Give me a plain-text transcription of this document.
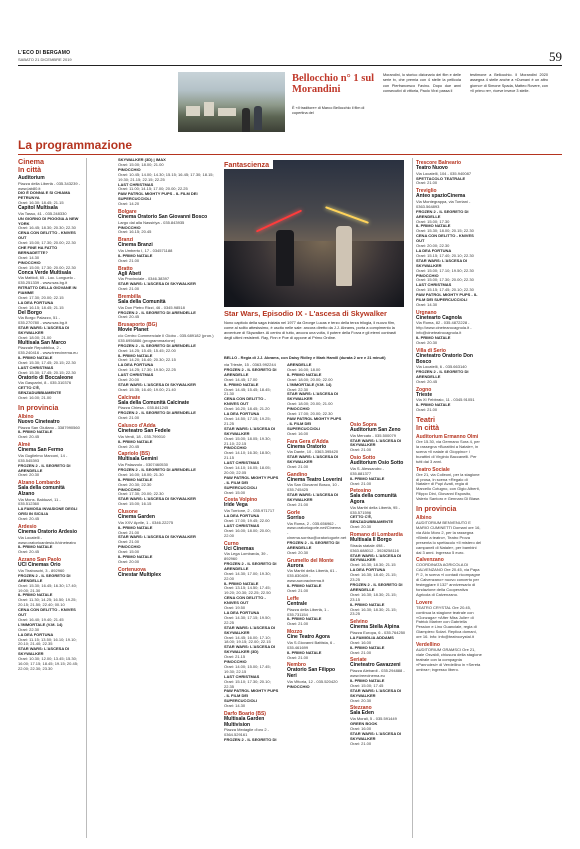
L'ECO DI BERGAMO
SABATO 21 DICEMBRE 2019	59
Bellocchio n° 1 sul Morandini
È «Il traditore» di Marco Bellocchio il film di copertina del
Morandini, lo storico dizionario dei film e delle serie tv, che premia con 4 stelle la pellicola con Pierfrancesco Favino. Dopo due anni consecutivi di vittoria, Paolo Virzì passa il
testimone a Bellocchio. Il Morandini 2020 assegna 4 stelle anche a «Dumanì è un altro giorno» di Simone Spada, Matteo Rovere, con «Il primo re», riceve invece 3 stelle.
La programmazione
Cinema
In città
Auditorium
Piazza della Libertà - 035.343239 - www.lab80.it
DIO È DONNA E SI CHIAMA PETRUNYA
Orari: 16.30; 18.45; 21.15
Capitol Multisala
Via Tasso, 41 - 035.248330
UN GIORNO DI PIOGGIA A NEW YORK
Orari: 16.45; 18.30; 20.30; 22.30
CENA CON DELITTO - KNIVES OUT
Orari: 15.00; 17.30; 20.00; 22.30
CHE FINE HA FATTO BERNADETTE?
Orari: 14.30
PINOCCHIO
Orari: 15.00; 17.30; 20.00; 22.30
Conca Verde Multisala
Via Mattioli, 65 - Loc. Longuelo - 035.251339 - www.sas.bg.it
RITRATTO DELLA GIOVANE IN FIAMME
Orari: 17.30; 20.00; 22.15
LA DEA FORTUNA
Orari: 16.15; 18.45; 21.15
Del Borgo
Via Borgo Palazzo, 51 - 035.270780 - www.sas.bg.it
STAR WARS: L'ASCESA DI SKYWALKER
Orari: 18.00; 21.00
Multisala San Marco
Piazzale Repubblica, 2 - 035.240416 - www.treecinema.eu
IL PRIMO NATALE
Orari: 15.30; 17.45; 20.15; 22.30
LAST CHRISTMAS
Orari: 15.30; 17.45; 20.15; 22.30
Oratorio di Boccaleone
Via Gasparini, 8 - 035.310376
CETTO C'È, SENZADUBBIAMENTE
Orari: 16.00; 21.00
In provincia
Albino
Nuovo Cineteatro
Piazza San Giuliano - 3387990560
IL PRIMO NATALE
Orari: 20.45
Almè
Cinema San Fermo
Via Guglielmo Marconi, 14 - 035.545393
FROZEN 2 - IL SEGRETO DI ARENDELLE
Orari: 20.30
Alzano Lombardo
Sala della comunità Alzano
Via Mons. Balduzzi, 11 - 035.512360
LA FAMOSA INVASIONE DEGLI ORSI IN SICILIA
Orari: 20.45
Ardesio
Cinema Oratorio Ardesio
Via Locatelli - www.oratorioardesio.it/cineteatro
IL PRIMO NATALE
Orari: 20.45
Azzano San Paolo
UCI Cinemas Orio
Via Tiraboschi, 3 - 892960
FROZEN 2 - IL SEGRETO DI ARENDELLE
Orari: 15.30; 16.45; 16.30; 17.40; 19.00; 21.30
IL PRIMO NATALE
Orari: 11.30; 14.25; 16.50; 19.25; 20.15; 21.50; 22.40; 00.10
CENA CON DELITTO - KNIVES OUT
Orari: 16.40; 19.40; 21.45
L'IMMORTALE (V.M. 14)
Orari: 22.30
LA DEA FORTUNA
Orari: 11.15; 13.50; 16.10; 19.10; 20.10; 21.40; 22.35
STAR WARS: L'ASCESA DI SKYWALKER
Orari: 10.30; 12.00; 13.45; 15.30; 16.00; 17.15; 18.45; 19.15; 20.45; 22.00; 22.30; 23.30
SKYWALKER (3D) | IMAX
Orari: 15.00; 18.00; 21.00
PINOCCHIO
Orari: 10.45; 14.00; 14.30; 15.15; 16.45; 17.30; 18.15; 19.30; 21.15; 22.15; 22.25
LAST CHRISTMAS
Orari: 11.00; 14.15; 17.00; 20.00; 22.25
PAW PATROL MIGHTY PUPS - IL FILM DEI SUPERCUCCIOLI
Orari: 14.20
Bolgare
Cinema Oratorio San Giovanni Bosco
Largo dal alla Nassiriya - 035.843935
PINOCCHIO
Orari: 16.15; 20.45
Branzi
Cinema Branzi
Via Umberto I, 17 - 034571188
IL PRIMO NATALE
Orari: 21.00
Bratto
Agli Abeti
Via Provinciale - 0346.38397
STAR WARS: L'ASCESA DI SKYWALKER
Orari: 21.00
Brembilla
Sala della Comunità
Via Don Pietro Rizzi, 46 - 0345.98518
FROZEN 2 - IL SEGRETO DI ARENDELLE
Orari: 20.45
Brusaporto (BG)
Movie Planet
c/o Centro Commerciale Il Globo - 035.689182 (pron.) 035.6956886 (programmazione)
FROZEN 2 - IL SEGRETO DI ARENDELLE
Orari: 14.25; 15.45; 15.45; 22.00
IL PRIMO NATALE
Orari: 14.20; 16.40; 20.30; 22.15
LA DEA FORTUNA
Orari: 14.25; 17.30; 19.50; 22.25
LAST CHRISTMAS
Orari: 20.00
STAR WARS: L'ASCESA DI SKYWALKER
Orari: 15.35; 16.40; 19.00; 21.40
Calcinate
Sala della Comunità Calcinate
Piazza Chiesa - 035.841245
FROZEN 2 - IL SEGRETO DI ARENDELLE
Orari: 21.00
Calusco d'Adda
Cineteatro San Fedele
Via Verdi, 18 - 035.799010
IL PRIMO NATALE
Orari: 20.45
Capriolo (BS)
Multisala Gemini
Via Palazzolo - 0307460530
FROZEN 2 - IL SEGRETO DI ARENDELLE
Orari: 16.00; 18.00; 21.30
IL PRIMO NATALE
Orari: 20.30; 22.30
PINOCCHIO
Orari: 17.30; 20.00; 22.30
STAR WARS: L'ASCESA DI SKYWALKER
Orari: 15.00; 16.15
Clusone
Cinema Garden
Via XXV Aprile, 1 - 0346.22275
IL PRIMO NATALE
Orari: 21.00
STAR WARS: L'ASCESA DI SKYWALKER
Orari: 21.00
PINOCCHIO
Orari: 15.00
IL PRIMO NATALE
Orari: 20.00
Cortenuova
Cinestar Multiplex
Fantascienza
Star Wars, Episodio IX - L'ascesa di Skywalker
Nono capitolo della saga iniziata nel 1977 da George Lucas e terzo della terza trilogia, il nuovo film, come al solito attesissimo, è uscito nelle sale: ancora diretto da J.J. Abrams, porta a compimento la avventure di Skywalker. Al centro di tutto, ancora una volta, il potere della Forza e gli eterni contrasti degli ultimi resistenti. Ray, Finn e Poe di oppone al Primo Ordine.
BELLO - Regia di J.J. Abrams, con Daisy Ridley e Mark Hamill (durata 2 ore e 21 minuti)
via Trieste, 15 - 0363.992244
FROZEN 2 - IL SEGRETO DI ARENDELLE
Orari: 14.45; 17.00
IL PRIMO NATALE
Orari: 14.45; 15.45; 18.45; 21.30
CENA CON DELITTO - KNIVES OUT
Orari: 16.20; 18.45; 21.20
LA DEA FORTUNA
Orari: 14.50; 17.15; 19.25; 21.25
STAR WARS: L'ASCESA DI SKYWALKER
Orari: 15.00; 18.05; 19.30; 21.10; 22.15
PINOCCHIO
Orari: 14.10; 16.30; 18.50; 21.15
LAST CHRISTMAS
Orari: 14.10; 16.05; 18.05; 20.00; 22.05
PAW PATROL MIGHTY PUPS - IL FILM DEI SUPERCUCCIOLI
Orari: 15.00
Costa Volpino
Iride Vega
Via Torrione, 2 - 035.971717
LA DEA FORTUNA
Orari: 17.00; 19.45; 22.00
LAST CHRISTMAS
Orari: 16.00; 18.00; 20.00; 22.00
Curno
Uci Cinemas
Via Lega Lombarda, 39 - 892960
FROZEN 2 - IL SEGRETO DI ARENDELLE
Orari: 14.30; 17.00; 19.30; 22.00
IL PRIMO NATALE
Orari: 13.15; 14.50; 17.45; 19.20; 20.30; 22.25; 22.50
CENA CON DELITTO - KNIVES OUT
Orari: 19.50
LA DEA FORTUNA
Orari: 14.30; 17.15; 19.50; 22.25
STAR WARS: L'ASCESA DI SKYWALKER
Orari: 14.45; 16.00; 17.10; 18.00; 19.15; 22.00; 22.15
STAR WARS: L'ASCESA DI SKYWALKER (3D)
Orari: 21.15
PINOCCHIO
Orari: 14.00; 15.00; 17.45; 19.30; 22.15
LAST CHRISTMAS
Orari: 15.10; 17.30; 20.10; 22.35
PAW PATROL MIGHTY PUPS - IL FILM DEI SUPERCUCCIOLI
Orari: 14.30
Darfo Boario (BS)
Multisala Garden Multivision
Piazza Medaglie d'oro 2 - 0364.529161
FROZEN 2 - IL SEGRETO DI
ARENDELLE
Orari: 16.00; 18.00
IL PRIMO NATALE
Orari: 18.00; 20.00; 22.00
L'IMMORTALE (V.M. 14)
Orari: 22.30
STAR WARS: L'ASCESA DI SKYWALKER
Orari: 18.00; 20.00; 21.00
PINOCCHIO
Orari: 17.00; 20.00; 22.30
PAW PATROL MIGHTY PUPS - IL FILM DEI SUPERCUCCIOLI
Orari: 16.00
Fara Gera d'Adda
Cinema Oratorio
Via Dante, 10 - 0363.395420
STAR WARS: L'ASCESA DI SKYWALKER
Orari: 21.00
Gandino
Cinema Teatro Loverini
Via San Giovanni Bosco, 10 - 035.745425
STAR WARS: L'ASCESA DI SKYWALKER
Orari: 21.00
Gorle
Sorriso
Via Roma, 2 - 035.656962 - www.oratoriogorle.net/Cinema - cinema.sorriso@oratoriogorle.net
FROZEN 2 - IL SEGRETO DI ARENDELLE
Orari: 20.30
Grumello del Monte
Aurora
Via Martiri della Libertà, 61 - 035.830409 - www.auroracinema.it
IL PRIMO NATALE
Orari: 21.00
Leffe
Centrale
Piazza della Libertà, 1 - 035.731154
IL PRIMO NATALE
Orari: 21.00
Mozzo
Cine Teatro Agora
Via S.Giovanni Battista, 6 - 035.461699
IL PRIMO NATALE
Orari: 21.00
Nembro
Oratorio San Filippo Neri
Via Vittoria, 12 - 035.520420
PINOCCHIO
Osio Sopra
Auditorium San Zeno
Via Mercato - 035.500079
STAR WARS: L'ASCESA DI SKYWALKER
Orari: 21.00
Osio Sotto
Auditorium Osio Sotto
Via S. Alessandro - 035.881377
IL PRIMO NATALE
Orari: 21.00
Petosino
Sala della comunità Agora
Via Martiri della Libertà, 95 - 035.571596
CETTO C'È, SENZADUBBIAMENTE
Orari: 20.30
Romano di Lombardia
Multisala Il Borgo
Strada statale 498 - 0363.688012 - 3928258116
STAR WARS: L'ASCESA DI SKYWALKER
Orari: 16.30; 18.30; 21.15
LA DEA FORTUNA
Orari: 16.30; 18.40; 21.15; 23.25
FROZEN 2 - IL SEGRETO DI ARENDELLE
Orari: 16.30; 18.30; 21.15; 23.15
IL PRIMO NATALE
Orari: 16.30; 18.30; 21.15; 23.25
Selvino
Cinema Stella Alpina
Piazza Europa, 6 - 035.764250
LA FAMIGLIA ADDAMS
Orari: 16.00
IL PRIMO NATALE
Orari: 21.00
Seriate
Cineteatro Gavazzeni
Piazza Alebardi - 035.294888 - www.treecinema.eu
IL PRIMO NATALE
Orari: 15.00; 17.45
STAR WARS: L'ASCESA DI SKYWALKER
Orari: 20.30
Stezzano
Sala Eden
Via Morali, 5 - 035.591449
GREEN BOOK
Orari: 16.00
STAR WARS: L'ASCESA DI SKYWALKER
Orari: 21.00
Trescore Balneario
Teatro Nuovo
Via Locatelli, 104 - 035.940087
SPETTACOLO TEATRALE
Orari: 21.00
Treviglio
Anteo spazioCinema
Via Montegrappa, via Torriani - 0363.564893
FROZEN 2 - IL SEGRETO DI ARENDELLE
Orari: 15.00; 17.30
IL PRIMO NATALE
Orari: 15.30; 18.00; 20.15; 22.30
CENA CON DELITTO - KNIVES OUT
Orari: 20.00; 22.30
LA DEA FORTUNA
Orari: 15.15; 17.40; 20.10; 22.30
STAR WARS: L'ASCESA DI SKYWALKER
Orari: 15.00; 17.10; 19.50; 22.30
PINOCCHIO
Orari: 15.00; 17.30; 20.00; 22.30
LAST CHRISTMAS
Orari: 15.15; 17.45; 20.10; 22.30
PAW PATROL MIGHTY PUPS - IL FILM DEI SUPERCUCCIOLI
Orari: 14.30
Urgnano
Cinetearto Cagnola
Via Roma, 82 - 035.4872228 - http://www.cinetearocagnola.it - info@cineteatrocagnola.it
IL PRIMO NATALE
Orari: 20.30
Villa di Serio
Cineteatro Oratorio Don Bosco
Via Locatelli, 6 - 035.663140
FROZEN 2 - IL SEGRETO DI ARENDELLE
Orari: 20.45
Zogno
Trieste
Via XI Febbraio, 11 - 0345.91051
IL PRIMO NATALE
Orari: 21.00
Teatri
In città
Auditorium Ermanno Olmi
Ore 15.30, via Germano Sora 4, per la rassegna «Burattini a Natale», in scena «Il natale di Gioppino» i burattini di Virginio Baccanelli. Per tutti dai 3 anni.
Teatro Sociale
Ore 21, via Colleoni, per la stagione di prosa, in scena «Regalo di Natale» di Pupi Avati, regia di Marcello Cotugno, con Gigio Alberti, Filippo Dini, Giovanni Esposito, Valerio Santoro e Gennaro Di Biase.
In provincia
Albino
AUDITORIUM BENVENUTO E MARIO CUMINETTI Domani ore 16, via Aldo Moro 2, per la rassegna «Bimbi a teatro», Teatro Prova presenta lo spettacolo «Il mistero del campanell di Natale», per bambini dai 3 anni. Ingresso 5 euro.
Calvenzano
COORDINATA AGRICOLA DI CALVENZANO Ore 20.45, via Papa P. 2, in scena «I contadi ricompagne di Calvenzano» nuovo concerto per festeggiare il 132° anniversario di fondazione della Cooperativa Agricola di Calvenzano.
Lovere
TEATRO CRYSTAL Ore 20.45, continua la stagione teatrale con «Gonzaga» «After Miss Julie» di Patrick Marber con Gabriella Pession e Lino Guanciale, regia di Giampiero Solari. Replica domani, ore 16. Info: info@teatrocrystal.it
Verdellino
AUDITORIUM GRAMSCI Ore 21, viale Osvaldi, chiusura della stagione teatrale con la compagnia «Pannolesi» di Verdellino in «Sereta ombra»; ingresso libero.
